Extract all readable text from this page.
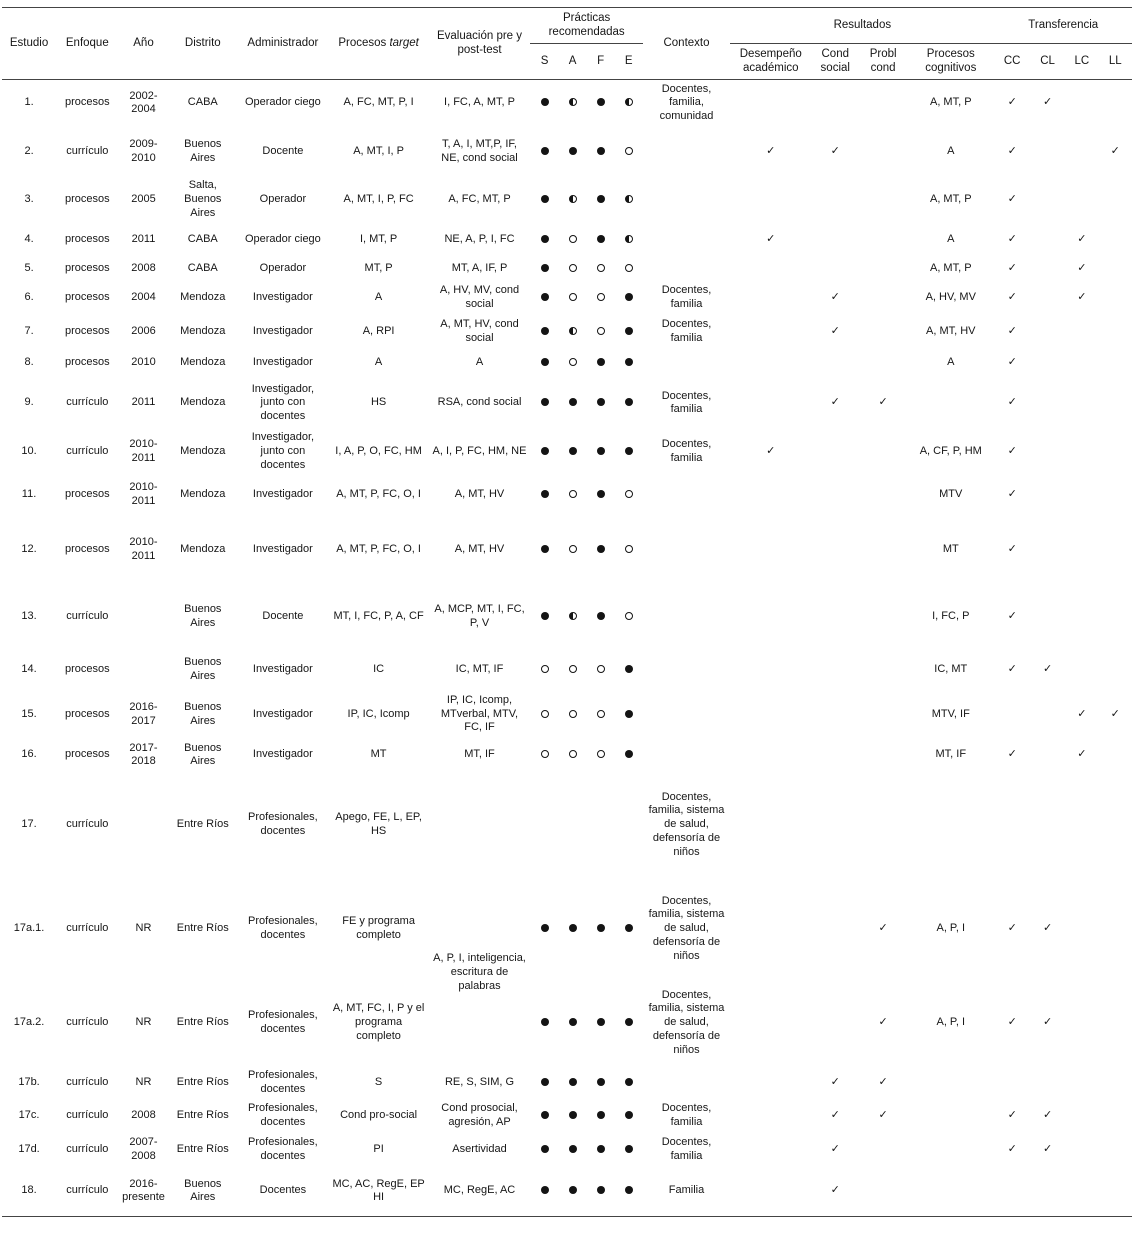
Estudio	Enfoque	Año	Distrito	Administrador	Procesos target	Evaluación pre y post-test	Prácticas recomendadas				Contexto	Resultados				Transferencia			
							S	A	F	E		Desempeño académico	Cond social	Probl cond	Procesos cognitivos	CC	CL	LC	LL
1.	procesos	2002-2004	CABA	Operador ciego	A, FC, MT, P, I	I, FC, A, MT, P					Docentes, familia, comunidad				A, MT, P	✓	✓		
2.	currículo	2009-2010	Buenos Aires	Docente	A, MT, I, P	T, A, I, MT,P, IF, NE, cond social						✓	✓		A	✓			✓
3.	procesos	2005	Salta, Buenos Aires	Operador	A, MT, I, P, FC	A, FC, MT, P									A, MT, P	✓			
4.	procesos	2011	CABA	Operador ciego	I, MT, P	NE, A, P, I, FC						✓			A	✓		✓	
5.	procesos	2008	CABA	Operador	MT, P	MT, A, IF, P									A, MT, P	✓		✓	
6.	procesos	2004	Mendoza	Investigador	A	A, HV, MV, cond social					Docentes, familia		✓		A, HV, MV	✓		✓	
7.	procesos	2006	Mendoza	Investigador	A, RPI	A, MT, HV, cond social					Docentes, familia		✓		A, MT, HV	✓			
8.	procesos	2010	Mendoza	Investigador	A	A									A	✓			
9.	currículo	2011	Mendoza	Investigador, junto con docentes	HS	RSA, cond social					Docentes, familia		✓	✓		✓			
10.	currículo	2010-2011	Mendoza	Investigador, junto con docentes	I, A, P, O, FC, HM	A, I, P, FC, HM, NE					Docentes, familia	✓			A, CF, P, HM	✓			
11.	procesos	2010-2011	Mendoza	Investigador	A, MT, P, FC, O, I	A, MT, HV									MTV	✓			
12.	procesos	2010-2011	Mendoza	Investigador	A, MT, P, FC, O, I	A, MT, HV									MT	✓			
13.	currículo		Buenos Aires	Docente	MT, I, FC, P, A, CF	A, MCP, MT, I, FC, P, V									I, FC, P	✓			
14.	procesos		Buenos Aires	Investigador	IC	IC, MT, IF									IC, MT	✓	✓		
15.	procesos	2016-2017	Buenos Aires	Investigador	IP, IC, Icomp	IP, IC, Icomp, MTverbal, MTV, FC, IF									MTV, IF			✓	✓
16.	procesos	2017-2018	Buenos Aires	Investigador	MT	MT, IF									MT, IF	✓		✓	
17.	currículo		Entre Ríos	Profesionales, docentes	Apego, FE, L, EP, HS						Docentes, familia, sistema de salud, defensoría de niños								
17a.1.	currículo	NR	Entre Ríos	Profesionales, docentes	FE y programa completo	A, P, I, inteligencia, escritura de palabras					Docentes, familia, sistema de salud, defensoría de niños			✓	A, P, I	✓	✓		
17a.2.	currículo	NR	Entre Ríos	Profesionales, docentes	A, MT, FC, I, P y el programa completo						Docentes, familia, sistema de salud, defensoría de niños			✓	A, P, I	✓	✓		
17b.	currículo	NR	Entre Ríos	Profesionales, docentes	S	RE, S, SIM, G							✓	✓					
17c.	currículo	2008	Entre Ríos	Profesionales, docentes	Cond pro-social	Cond prosocial, agresión, AP					Docentes, familia		✓	✓		✓	✓		
17d.	currículo	2007-2008	Entre Ríos	Profesionales, docentes	PI	Asertividad					Docentes, familia		✓			✓	✓		
18.	currículo	2016-presente	Buenos Aires	Docentes	MC, AC, RegE, EP HI	MC, RegE, AC					Familia		✓						
